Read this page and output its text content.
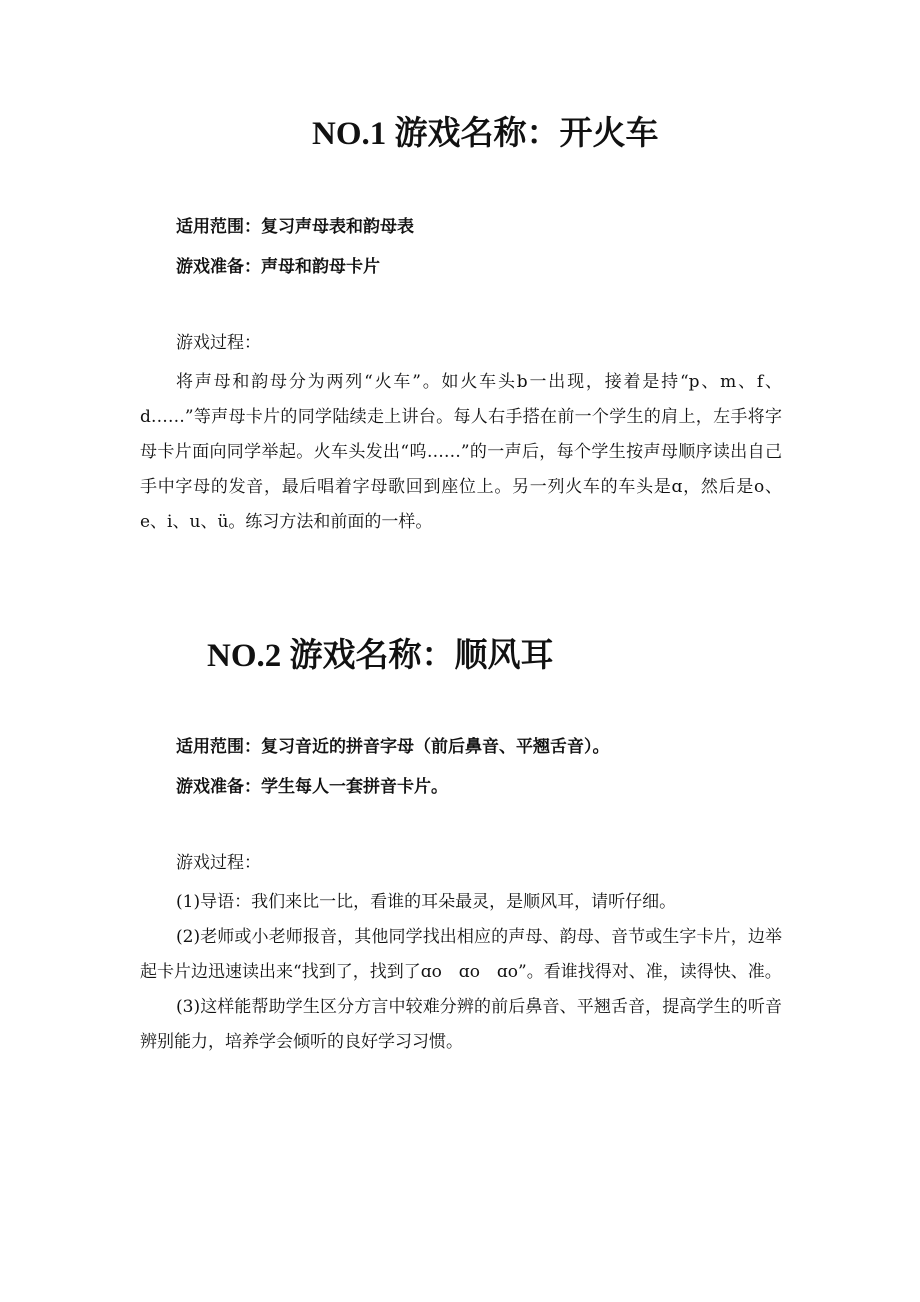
NO.1 游戏名称：开火车
适用范围：复习声母表和韵母表
游戏准备：声母和韵母卡片
游戏过程：

将声母和韵母分为两列“火车”。如火车头b一出现，接着是持“p、m、f、d……”等声母卡片的同学陆续走上讲台。每人右手搭在前一个学生的肩上，左手将字母卡片面向同学举起。火车头发出“呜……”的一声后，每个学生按声母顺序读出自己手中字母的发音，最后唱着字母歌回到座位上。另一列火车的车头是ɑ，然后是o、e、i、u、ü。练习方法和前面的一样。

NO.2 游戏名称：顺风耳
适用范围：复习音近的拼音字母（前后鼻音、平翘舌音）。
游戏准备：学生每人一套拼音卡片。
游戏过程：

(1)导语：我们来比一比，看谁的耳朵最灵，是顺风耳，请听仔细。

(2)老师或小老师报音，其他同学找出相应的声母、韵母、音节或生字卡片，边举起卡片边迅速读出来“找到了，找到了ɑo　ɑo　ɑo”。看谁找得对、准，读得快、准。

(3)这样能帮助学生区分方言中较难分辨的前后鼻音、平翘舌音，提高学生的听音辨别能力，培养学会倾听的良好学习习惯。
